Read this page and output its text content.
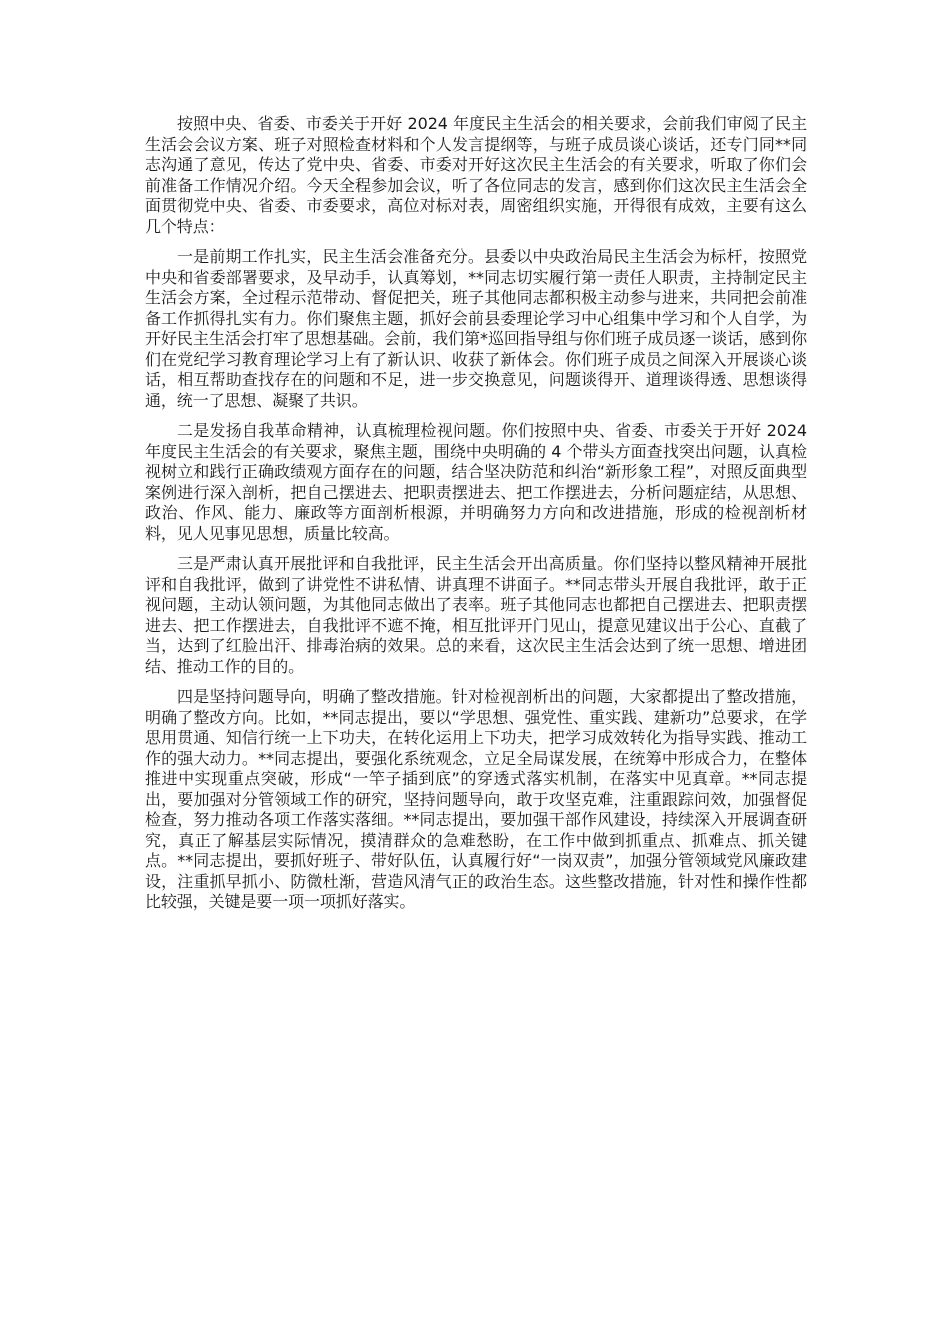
按照中央、省委、市委关于开好 2024 年度民主生活会的相关要求，会前我们审阅了民主生活会会议方案、班子对照检查材料和个人发言提纲等，与班子成员谈心谈话，还专门同**同志沟通了意见，传达了党中央、省委、市委对开好这次民主生活会的有关要求，听取了你们会前准备工作情况介绍。今天全程参加会议，听了各位同志的发言，感到你们这次民主生活会全面贯彻党中央、省委、市委要求，高位对标对表，周密组织实施，开得很有成效，主要有这么几个特点：

一是前期工作扎实，民主生活会准备充分。县委以中央政治局民主生活会为标杆，按照党中央和省委部署要求，及早动手，认真筹划，**同志切实履行第一责任人职责，主持制定民主生活会方案，全过程示范带动、督促把关，班子其他同志都积极主动参与进来，共同把会前准备工作抓得扎实有力。你们聚焦主题，抓好会前县委理论学习中心组集中学习和个人自学，为开好民主生活会打牢了思想基础。会前，我们第*巡回指导组与你们班子成员逐一谈话，感到你们在党纪学习教育理论学习上有了新认识、收获了新体会。你们班子成员之间深入开展谈心谈话，相互帮助查找存在的问题和不足，进一步交换意见，问题谈得开、道理谈得透、思想谈得通，统一了思想、凝聚了共识。

二是发扬自我革命精神，认真梳理检视问题。你们按照中央、省委、市委关于开好 2024 年度民主生活会的有关要求，聚焦主题，围绕中央明确的 4 个带头方面查找突出问题，认真检视树立和践行正确政绩观方面存在的问题，结合坚决防范和纠治“新形象工程”，对照反面典型案例进行深入剖析，把自己摆进去、把职责摆进去、把工作摆进去，分析问题症结，从思想、政治、作风、能力、廉政等方面剖析根源，并明确努力方向和改进措施，形成的检视剖析材料，见人见事见思想，质量比较高。

三是严肃认真开展批评和自我批评，民主生活会开出高质量。你们坚持以整风精神开展批评和自我批评，做到了讲党性不讲私情、讲真理不讲面子。**同志带头开展自我批评，敢于正视问题，主动认领问题，为其他同志做出了表率。班子其他同志也都把自己摆进去、把职责摆进去、把工作摆进去，自我批评不遮不掩，相互批评开门见山，提意见建议出于公心、直截了当，达到了红脸出汗、排毒治病的效果。总的来看，这次民主生活会达到了统一思想、增进团结、推动工作的目的。

四是坚持问题导向，明确了整改措施。针对检视剖析出的问题，大家都提出了整改措施，明确了整改方向。比如，**同志提出，要以“学思想、强党性、重实践、建新功”总要求，在学思用贯通、知信行统一上下功夫，在转化运用上下功夫，把学习成效转化为指导实践、推动工作的强大动力。**同志提出，要强化系统观念，立足全局谋发展，在统筹中形成合力，在整体推进中实现重点突破，形成“一竿子插到底”的穿透式落实机制，在落实中见真章。**同志提出，要加强对分管领域工作的研究，坚持问题导向，敢于攻坚克难，注重跟踪问效，加强督促检查，努力推动各项工作落实落细。**同志提出，要加强干部作风建设，持续深入开展调查研究，真正了解基层实际情况，摸清群众的急难愁盼，在工作中做到抓重点、抓难点、抓关键点。**同志提出，要抓好班子、带好队伍，认真履行好“一岗双责”，加强分管领域党风廉政建设，注重抓早抓小、防微杜渐，营造风清气正的政治生态。这些整改措施，针对性和操作性都比较强，关键是要一项一项抓好落实。
